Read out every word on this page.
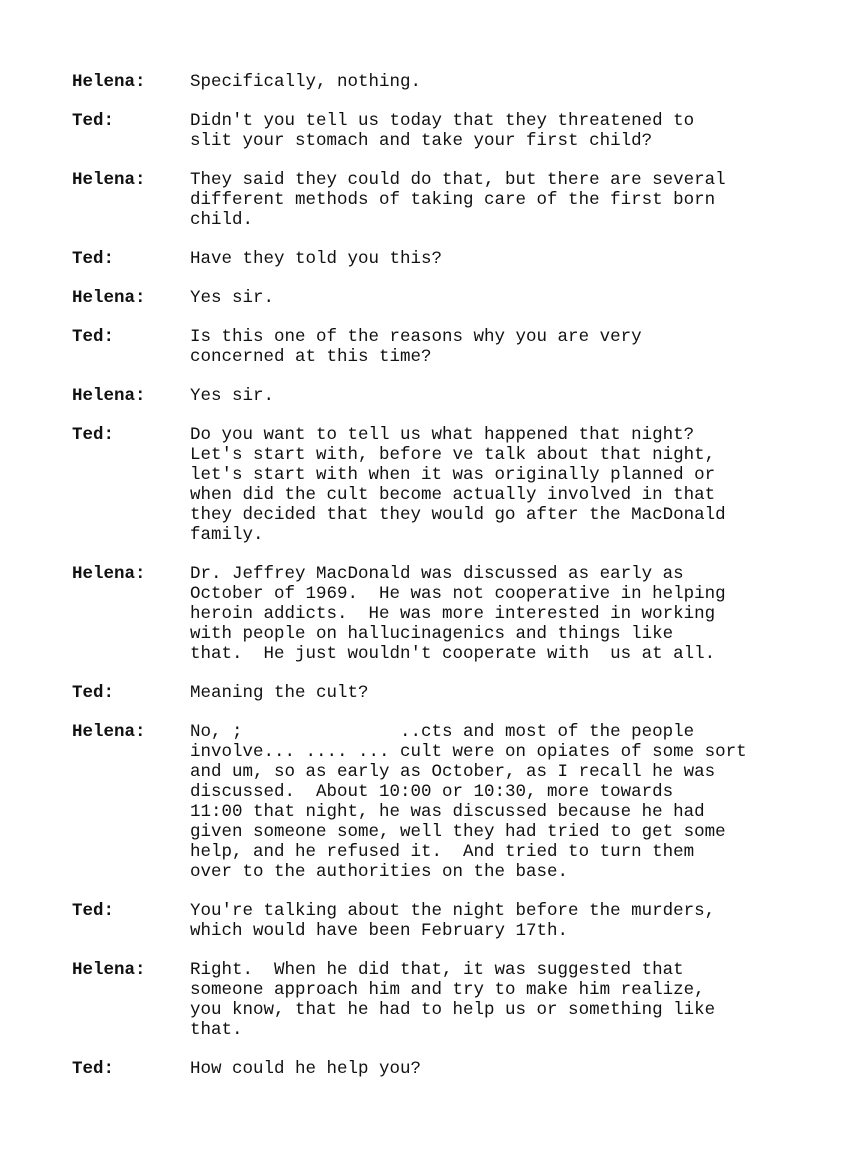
Helena:	Specifically, nothing.
Ted:	Didn't you tell us today that they threatened to
slit your stomach and take your first child?
Helena:	They said they could do that, but there are several
different methods of taking care of the first born
child.
Ted:	Have they told you this?
Helena:	Yes sir.
Ted:	Is this one of the reasons why you are very
concerned at this time?
Helena:	Yes sir.
Ted:	Do you want to tell us what happened that night?
Let's start with, before ve talk about that night,
let's start with when it was originally planned or
when did the cult become actually involved in that
they decided that they would go after the MacDonald
family.
Helena:	Dr. Jeffrey MacDonald was discussed as early as
October of 1969.  He was not cooperative in helping
heroin addicts.  He was more interested in working
with people on hallucinagenics and things like
that.  He just wouldn't cooperate with  us at all.
Ted:	Meaning the cult?
Helena:	No, ;               ..cts and most of the people
involve... .... ... cult were on opiates of some sort
and um, so as early as October, as I recall he was
discussed.  About 10:00 or 10:30, more towards
11:00 that night, he was discussed because he had
given someone some, well they had tried to get some
help, and he refused it.  And tried to turn them
over to the authorities on the base.
Ted:	You're talking about the night before the murders,
which would have been February 17th.
Helena:	Right.  When he did that, it was suggested that
someone approach him and try to make him realize,
you know, that he had to help us or something like
that.
Ted:	How could he help you?
